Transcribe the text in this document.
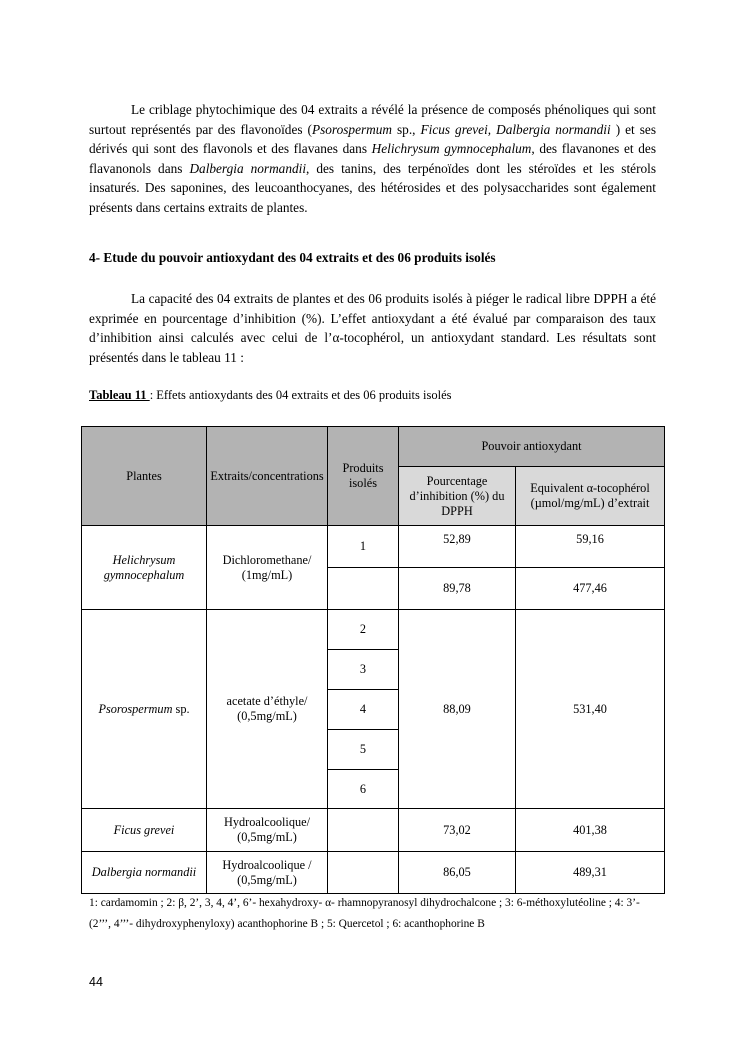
Le criblage phytochimique des 04 extraits a révélé la présence de composés phénoliques qui sont surtout représentés par des flavonoïdes (Psorospermum sp., Ficus grevei, Dalbergia normandii ) et ses dérivés qui sont des flavonols et des flavanes dans Helichrysum gymnocephalum, des flavanones et des flavanonols dans Dalbergia normandii, des tanins, des terpénoïdes dont les stéroïdes et les stérols insaturés. Des saponines, des leucoanthocyanes, des hétérosides et des polysaccharides sont également présents dans certains extraits de plantes.

4- Etude du pouvoir antioxydant des 04 extraits et des 06 produits isolés

La capacité des 04 extraits de plantes et des 06 produits isolés à piéger le radical libre DPPH a été exprimée en pourcentage d’inhibition (%). L’effet antioxydant a été évalué par comparaison des taux d’inhibition ainsi calculés avec celui de l’α-tocophérol, un antioxydant standard. Les résultats sont présentés dans le tableau 11 :

Tableau 11 : Effets antioxydants des 04 extraits et des 06 produits isolés

Plantes	Extraits/concentrations	Produits isolés	Pouvoir antioxydant	
			Pourcentage d’inhibition (%) du DPPH	Equivalent α-tocophérol (µmol/mg/mL) d’extrait
Helichrysum gymnocephalum	Dichloromethane/ (1mg/mL)	1	52,89	59,16
			89,78	477,46
Psorospermum sp.	acetate d’éthyle/ (0,5mg/mL)	2	88,09	531,40
		3		
		4		
		5		
		6		
Ficus grevei	Hydroalcoolique/ (0,5mg/mL)		73,02	401,38
Dalbergia normandii	Hydroalcoolique / (0,5mg/mL)		86,05	489,31

1: cardamomin ; 2: β, 2’, 3, 4, 4’, 6’- hexahydroxy- α- rhamnopyranosyl dihydrochalcone ; 3: 6-méthoxylutéoline ; 4: 3’- (2’’’, 4’’’- dihydroxyphenyloxy) acanthophorine B ; 5: Quercetol ; 6: acanthophorine B

44
